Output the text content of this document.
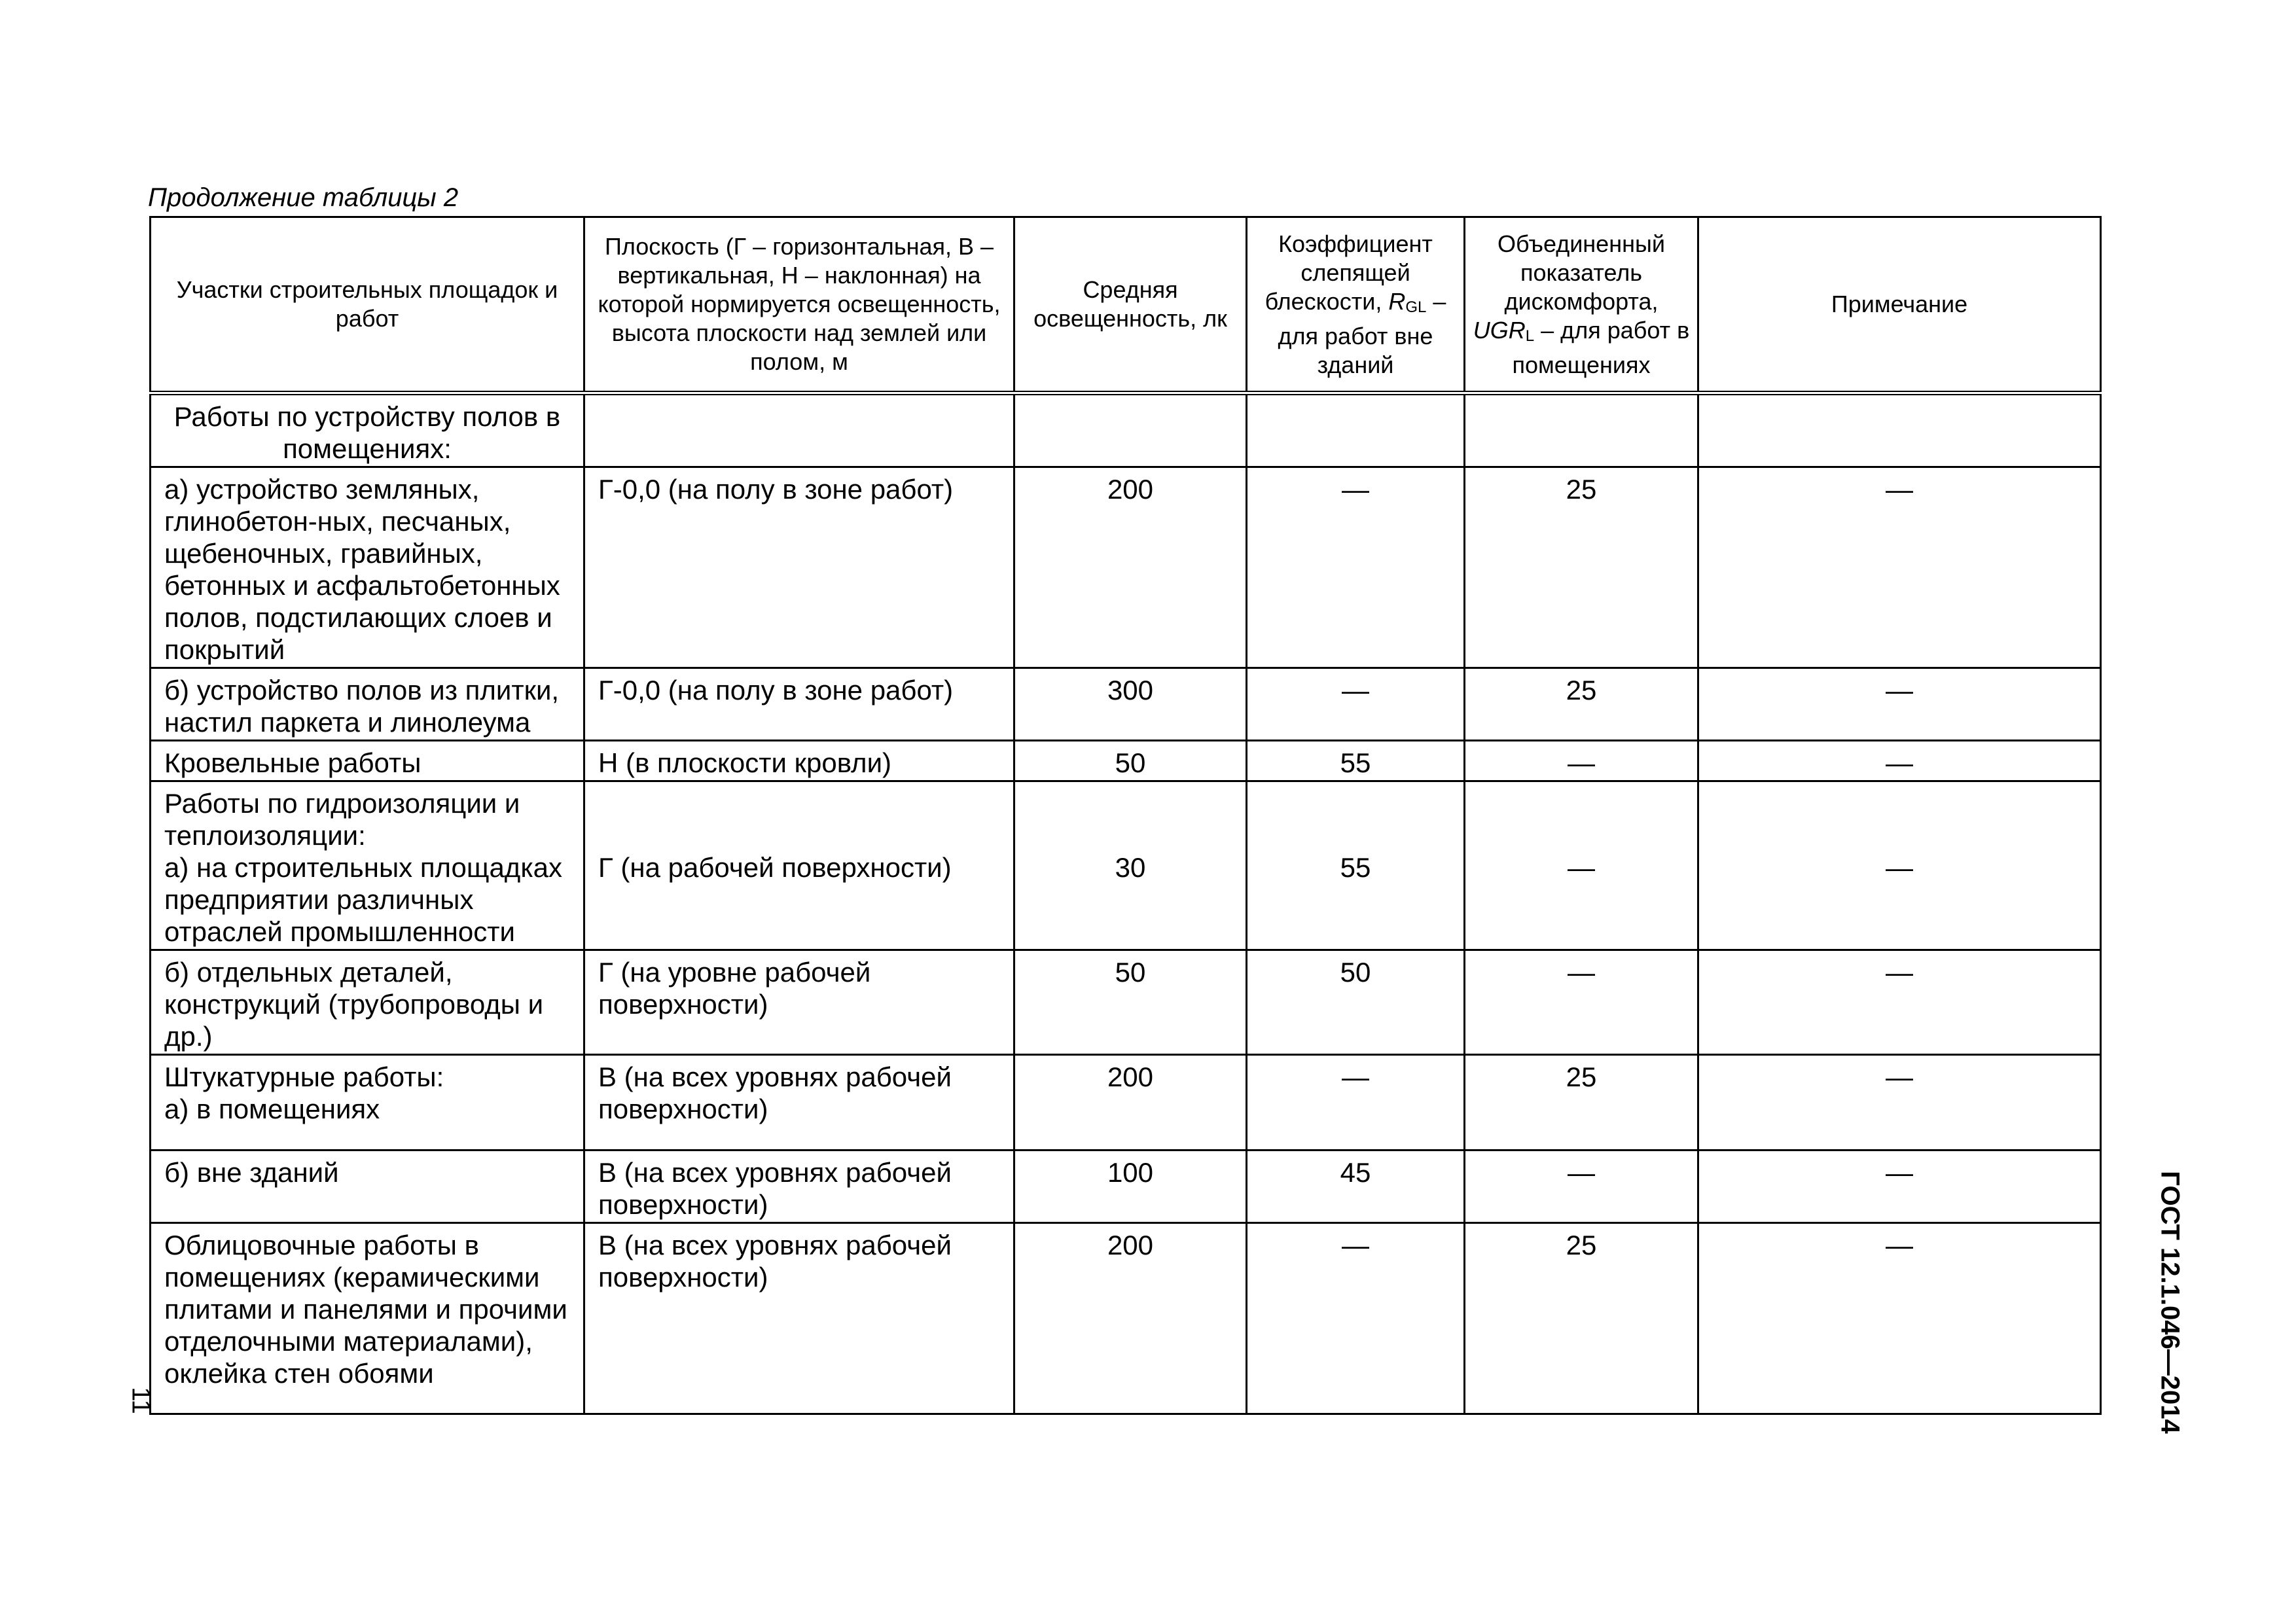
Продолжение таблицы 2
Участки строительных площадок и работ	Плоскость (Г – горизонтальная, В – вертикальная, Н – наклонная) на которой нормируется освещенность, высота плоскости над землей или полом, м	Средняя освещенность, лк	Коэффициент слепящей блескости, $R_{GL}$ – для работ вне зданий	Объединенный показатель дискомфорта, $UGR_L$ – для работ в помещениях	Примечание
Работы по устройству полов в помещениях:					
а) устройство земляных, глинобетон-ных, песчаных, щебеночных, гравийных, бетонных и асфальтобетонных полов, подстилающих слоев и покрытий	Г-0,0 (на полу в зоне работ)	200	—	25	—
б) устройство полов из плитки, настил паркета и линолеума	Г-0,0 (на полу в зоне работ)	300	—	25	—
Кровельные работы	Н (в плоскости кровли)	50	55	—	—

Работы по гидроизоляции и теплоизоляции:
а) на строительных площадках предприятии различных отраслей промышленности	Г (на рабочей поверхности)	30	55	—	—
б) отдельных деталей, конструкций (трубопроводы и др.)	Г (на уровне рабочей поверхности)	50	50	—	—

Штукатурные работы:
а) в помещениях	В (на всех уровнях рабочей поверхности)	200	—	25	—
б) вне зданий	В (на всех уровнях рабочей поверхности)	100	45	—	—
Облицовочные работы в помещениях (керамическими плитами и панелями и прочими отделочными материалами), оклейка стен обоями	В (на всех уровнях рабочей поверхности)	200	—	25	—	ГОСТ 12.1.046—2014
11
